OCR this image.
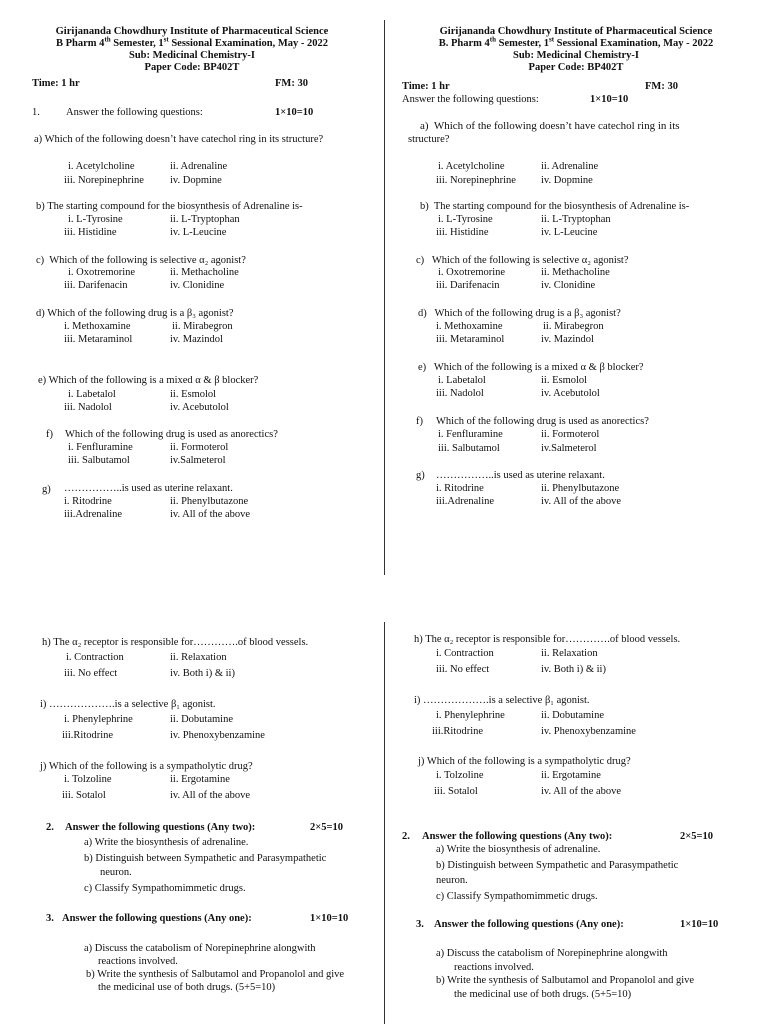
Girijananda Chowdhury Institute of Pharmaceutical Science
B Pharm 4th Semester, 1st Sessional Examination, May - 2022
Sub: Medicinal Chemistry-I
Paper Code: BP402T
Time: 1 hr	FM: 30
1. Answer the following questions:	1×10=10
a) Which of the following doesn’t have catechol ring in its structure?
i. Acetylcholine	ii. Adrenaline
iii. Norepinephrine iv. Dopmine
b) The starting compound for the biosynthesis of Adrenaline is-
i. L-Tyrosine	ii. L-Tryptophan
iii. Histidine	iv. L-Leucine
c) Which of the following is selective α₂ agonist?
i. Oxotremorine	ii. Methacholine
iii. Darifenacin	iv. Clonidine
d) Which of the following drug is a β₃ agonist?
i. Methoxamine	ii. Mirabegron
iii. Metaraminol	iv. Mazindol
e) Which of the following is a mixed α & β blocker?
i. Labetalol	ii. Esmolol
iii. Nadolol	iv. Acebutolol
f) Which of the following drug is used as anorectics?
i. Fenfluramine	ii. Formoterol
iii. Salbutamol	iv.Salmeterol
g) ……………..is used as uterine relaxant.
i. Ritodrine	ii. Phenylbutazone
iii.Adrenaline	iv. All of the above
h) The α₂ receptor is responsible for………….of blood vessels.
i. Contraction	ii. Relaxation
iii. No effect	iv. Both i) & ii)
i) ……………….is a selective β₁ agonist.
i. Phenylephrine	ii. Dobutamine
iii.Ritodrine	iv. Phenoxybenzamine
j) Which of the following is a sympatholytic drug?
i. Tolzoline	ii. Ergotamine
iii. Sotalol	iv. All of the above
2. Answer the following questions (Any two):	2×5=10
a) Write the biosynthesis of adrenaline.
b) Distinguish between Sympathetic and Parasympathetic
neuron.
c) Classify Sympathomimmetic drugs.
3. Answer the following questions (Any one):	1×10=10
a) Discuss the catabolism of Norepinephrine alongwith
reactions involved.
b) Write the synthesis of Salbutamol and Propanolol and give
the medicinal use of both drugs. (5+5=10)
Girijananda Chowdhury Institute of Pharmaceutical Science
B. Pharm 4th Semester, 1st Sessional Examination, May - 2022
Sub: Medicinal Chemistry-I
Paper Code: BP402T
Time: 1 hr	FM: 30
Answer the following questions:	1×10=10
a)  Which of the following doesn’t have catechol ring in its
structure?
i. Acetylcholine	ii. Adrenaline
iii. Norepinephrine iv. Dopmine
b) The starting compound for the biosynthesis of Adrenaline is-
i. L-Tyrosine	ii. L-Tryptophan
iii. Histidine	iv. L-Leucine
c) Which of the following is selective α₂ agonist?
i. Oxotremorine	ii. Methacholine
iii. Darifenacin	iv. Clonidine
d) Which of the following drug is a β₃ agonist?
i. Methoxamine	ii. Mirabegron
iii. Metaraminol	iv. Mazindol
e) Which of the following is a mixed α & β blocker?
i. Labetalol	ii. Esmolol
iii. Nadolol	iv. Acebutolol
f) Which of the following drug is used as anorectics?
i. Fenfluramine	ii. Formoterol
iii. Salbutamol	iv.Salmeterol
g) ……………..is used as uterine relaxant.
i. Ritodrine	ii. Phenylbutazone
iii.Adrenaline	iv. All of the above
h) The α₂ receptor is responsible for………….of blood vessels.
i. Contraction	ii. Relaxation
iii. No effect	iv. Both i) & ii)
i) ……………….is a selective β₁ agonist.
i. Phenylephrine	ii. Dobutamine
iii.Ritodrine	iv. Phenoxybenzamine
j) Which of the following is a sympatholytic drug?
i. Tolzoline	ii. Ergotamine
iii. Sotalol	iv. All of the above
2. Answer the following questions (Any two):	2×5=10
a) Write the biosynthesis of adrenaline.
b) Distinguish between Sympathetic and Parasympathetic
neuron.
c) Classify Sympathomimmetic drugs.
3. Answer the following questions (Any one):	1×10=10
a) Discuss the catabolism of Norepinephrine alongwith
reactions involved.
b) Write the synthesis of Salbutamol and Propanolol and give
the medicinal use of both drugs. (5+5=10)
